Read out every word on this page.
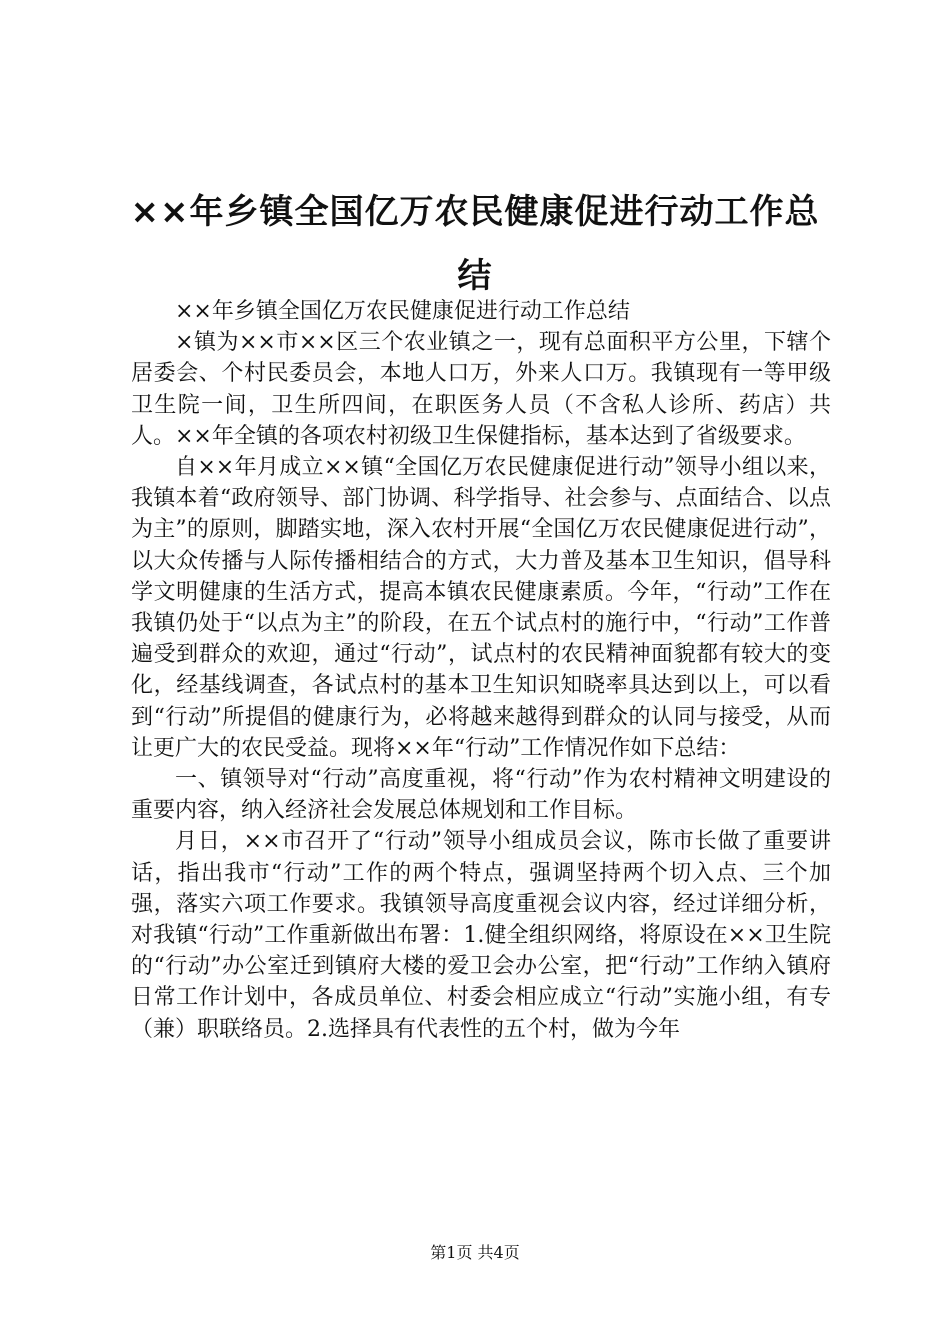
××年乡镇全国亿万农民健康促进行动工作总结

××年乡镇全国亿万农民健康促进行动工作总结

×镇为××市××区三个农业镇之一，现有总面积平方公里，下辖个居委会、个村民委员会，本地人口万，外来人口万。我镇现有一等甲级卫生院一间，卫生所四间，在职医务人员（不含私人诊所、药店）共人。××年全镇的各项农村初级卫生保健指标，基本达到了省级要求。

自××年月成立××镇“全国亿万农民健康促进行动”领导小组以来，我镇本着“政府领导、部门协调、科学指导、社会参与、点面结合、以点为主”的原则，脚踏实地，深入农村开展“全国亿万农民健康促进行动”，以大众传播与人际传播相结合的方式，大力普及基本卫生知识，倡导科学文明健康的生活方式，提高本镇农民健康素质。今年，“行动”工作在我镇仍处于“以点为主”的阶段，在五个试点村的施行中，“行动”工作普遍受到群众的欢迎，通过“行动”，试点村的农民精神面貌都有较大的变化，经基线调查，各试点村的基本卫生知识知晓率具达到以上，可以看到“行动”所提倡的健康行为，必将越来越得到群众的认同与接受，从而让更广大的农民受益。现将××年“行动”工作情况作如下总结：

一、镇领导对“行动”高度重视，将“行动”作为农村精神文明建设的重要内容，纳入经济社会发展总体规划和工作目标。

月日，××市召开了“行动”领导小组成员会议，陈市长做了重要讲话，指出我市“行动”工作的两个特点，强调坚持两个切入点、三个加强，落实六项工作要求。我镇领导高度重视会议内容，经过详细分析，对我镇“行动”工作重新做出布署：1.健全组织网络，将原设在××卫生院的“行动”办公室迁到镇府大楼的爱卫会办公室，把“行动”工作纳入镇府日常工作计划中，各成员单位、村委会相应成立“行动”实施小组，有专（兼）职联络员。2.选择具有代表性的五个村，做为今年

第1页 共4页
